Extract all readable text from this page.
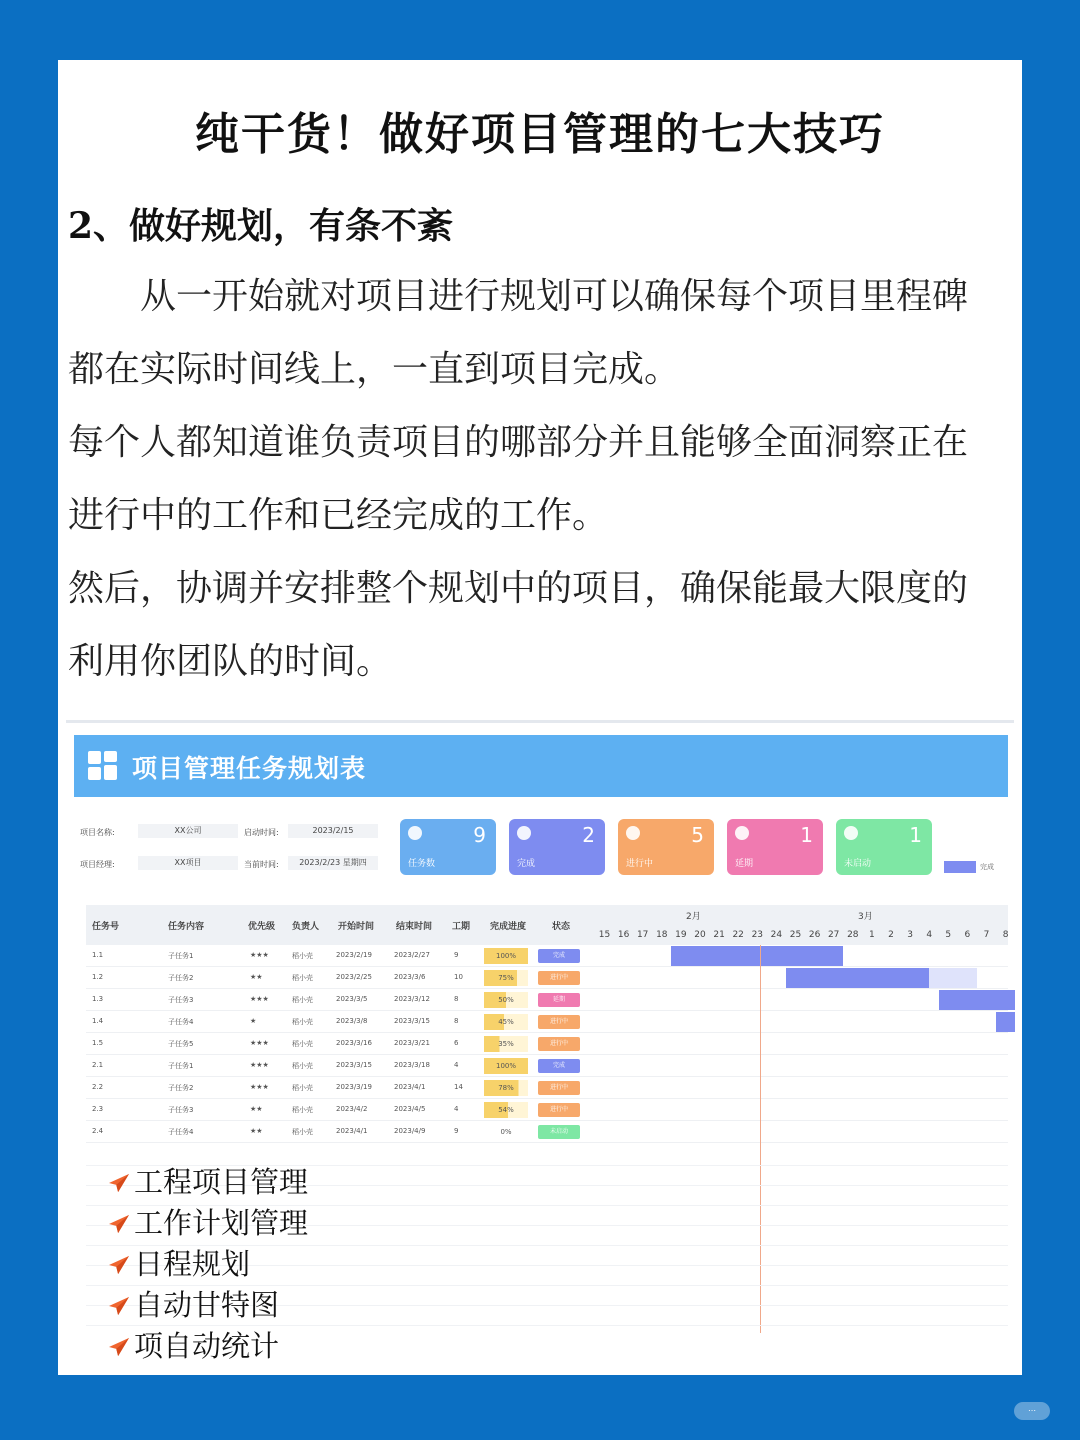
纯干货！做好项目管理的七大技巧
2、做好规划，有条不紊

从一开始就对项目进行规划可以确保每个项目里程碑都在实际时间线上，一直到项目完成。

每个人都知道谁负责项目的哪部分并且能够全面洞察正在进行中的工作和已经完成的工作。

然后，协调并安排整个规划中的项目，确保能最大限度的利用你团队的时间。

项目管理任务规划表
项目名称:	XX公司	启动时间:	2023/2/15
项目经理:	XX项目	当前时间:	2023/2/23 星期四
9
任务数
2
完成
5
进行中
1
延期
1
未启动	完成
任务号	任务内容	优先级 负责人 开始时间 结束时间 工期 完成进度	状态
2月	3月
15 16 17 18 19 20 21 22 23 24 25 26 27 28	1	2	3	4	5	6	7	8
1.1	子任务1	★★★	稻小壳	2023/2/19	2023/2/27	9	100%	完成
1.2	子任务2	★★	稻小壳	2023/2/25	2023/3/6	10	75%	进行中
1.3	子任务3	★★★	稻小壳	2023/3/5	2023/3/12	8	50%	延期
1.4	子任务4	★	稻小壳	2023/3/8	2023/3/15	8	45%	进行中
1.5	子任务5	★★★	稻小壳	2023/3/16	2023/3/21	6	35%	进行中
2.1	子任务1	★★★	稻小壳	2023/3/15	2023/3/18	4	100%	完成
2.2	子任务2	★★★	稻小壳	2023/3/19	2023/4/1	14	78%	进行中
2.3	子任务3	★★	稻小壳	2023/4/2	2023/4/5	4	54%	进行中
2.4	子任务4	★★	稻小壳	2023/4/1	2023/4/9	9	0%	未启动
工程项目管理
工作计划管理
日程规划
自动甘特图
项自动统计
⋯
